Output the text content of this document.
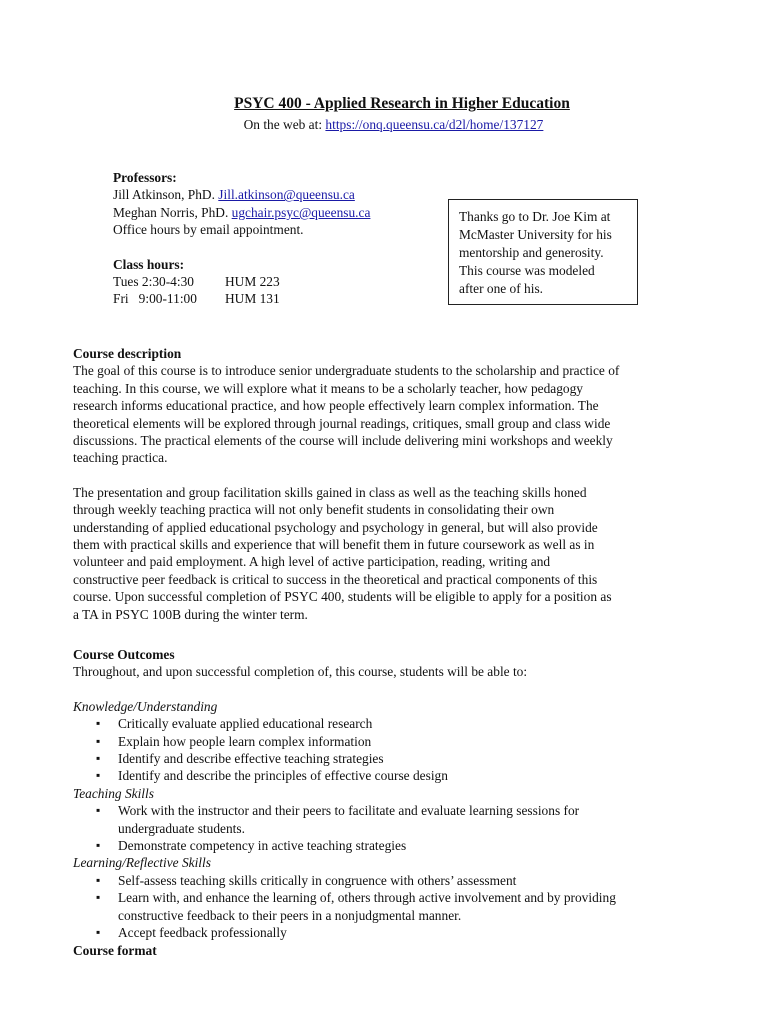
PSYC 400 - Applied Research in Higher Education
On the web at: https://onq.queensu.ca/d2l/home/137127
Professors:
Jill Atkinson, PhD. Jill.atkinson@queensu.ca
Meghan Norris, PhD. ugchair.psyc@queensu.ca
Office hours by email appointment.
Class hours:
Tues 2:30-4:30 HUM 223
Fri   9:00-11:00 HUM 131
Thanks go to Dr. Joe Kim at
McMaster University for his
mentorship and generosity.
This course was modeled
after one of his.
Course description
The goal of this course is to introduce senior undergraduate students to the scholarship and practice of
teaching. In this course, we will explore what it means to be a scholarly teacher, how pedagogy
research informs educational practice, and how people effectively learn complex information. The
theoretical elements will be explored through journal readings, critiques, small group and class wide
discussions. The practical elements of the course will include delivering mini workshops and weekly
teaching practica.
The presentation and group facilitation skills gained in class as well as the teaching skills honed
through weekly teaching practica will not only benefit students in consolidating their own
understanding of applied educational psychology and psychology in general, but will also provide
them with practical skills and experience that will benefit them in future coursework as well as in
volunteer and paid employment. A high level of active participation, reading, writing and
constructive peer feedback is critical to success in the theoretical and practical components of this
course. Upon successful completion of PSYC 400, students will be eligible to apply for a position as
a TA in PSYC 100B during the winter term.
Course Outcomes
Throughout, and upon successful completion of, this course, students will be able to:
Knowledge/Understanding
▪ Critically evaluate applied educational research
▪ Explain how people learn complex information
▪ Identify and describe effective teaching strategies
▪ Identify and describe the principles of effective course design
Teaching Skills
▪ Work with the instructor and their peers to facilitate and evaluate learning sessions for
undergraduate students.
▪ Demonstrate competency in active teaching strategies
Learning/Reflective Skills
▪ Self-assess teaching skills critically in congruence with others’ assessment
▪ Learn with, and enhance the learning of, others through active involvement and by providing
constructive feedback to their peers in a nonjudgmental manner.
▪ Accept feedback professionally
Course format
